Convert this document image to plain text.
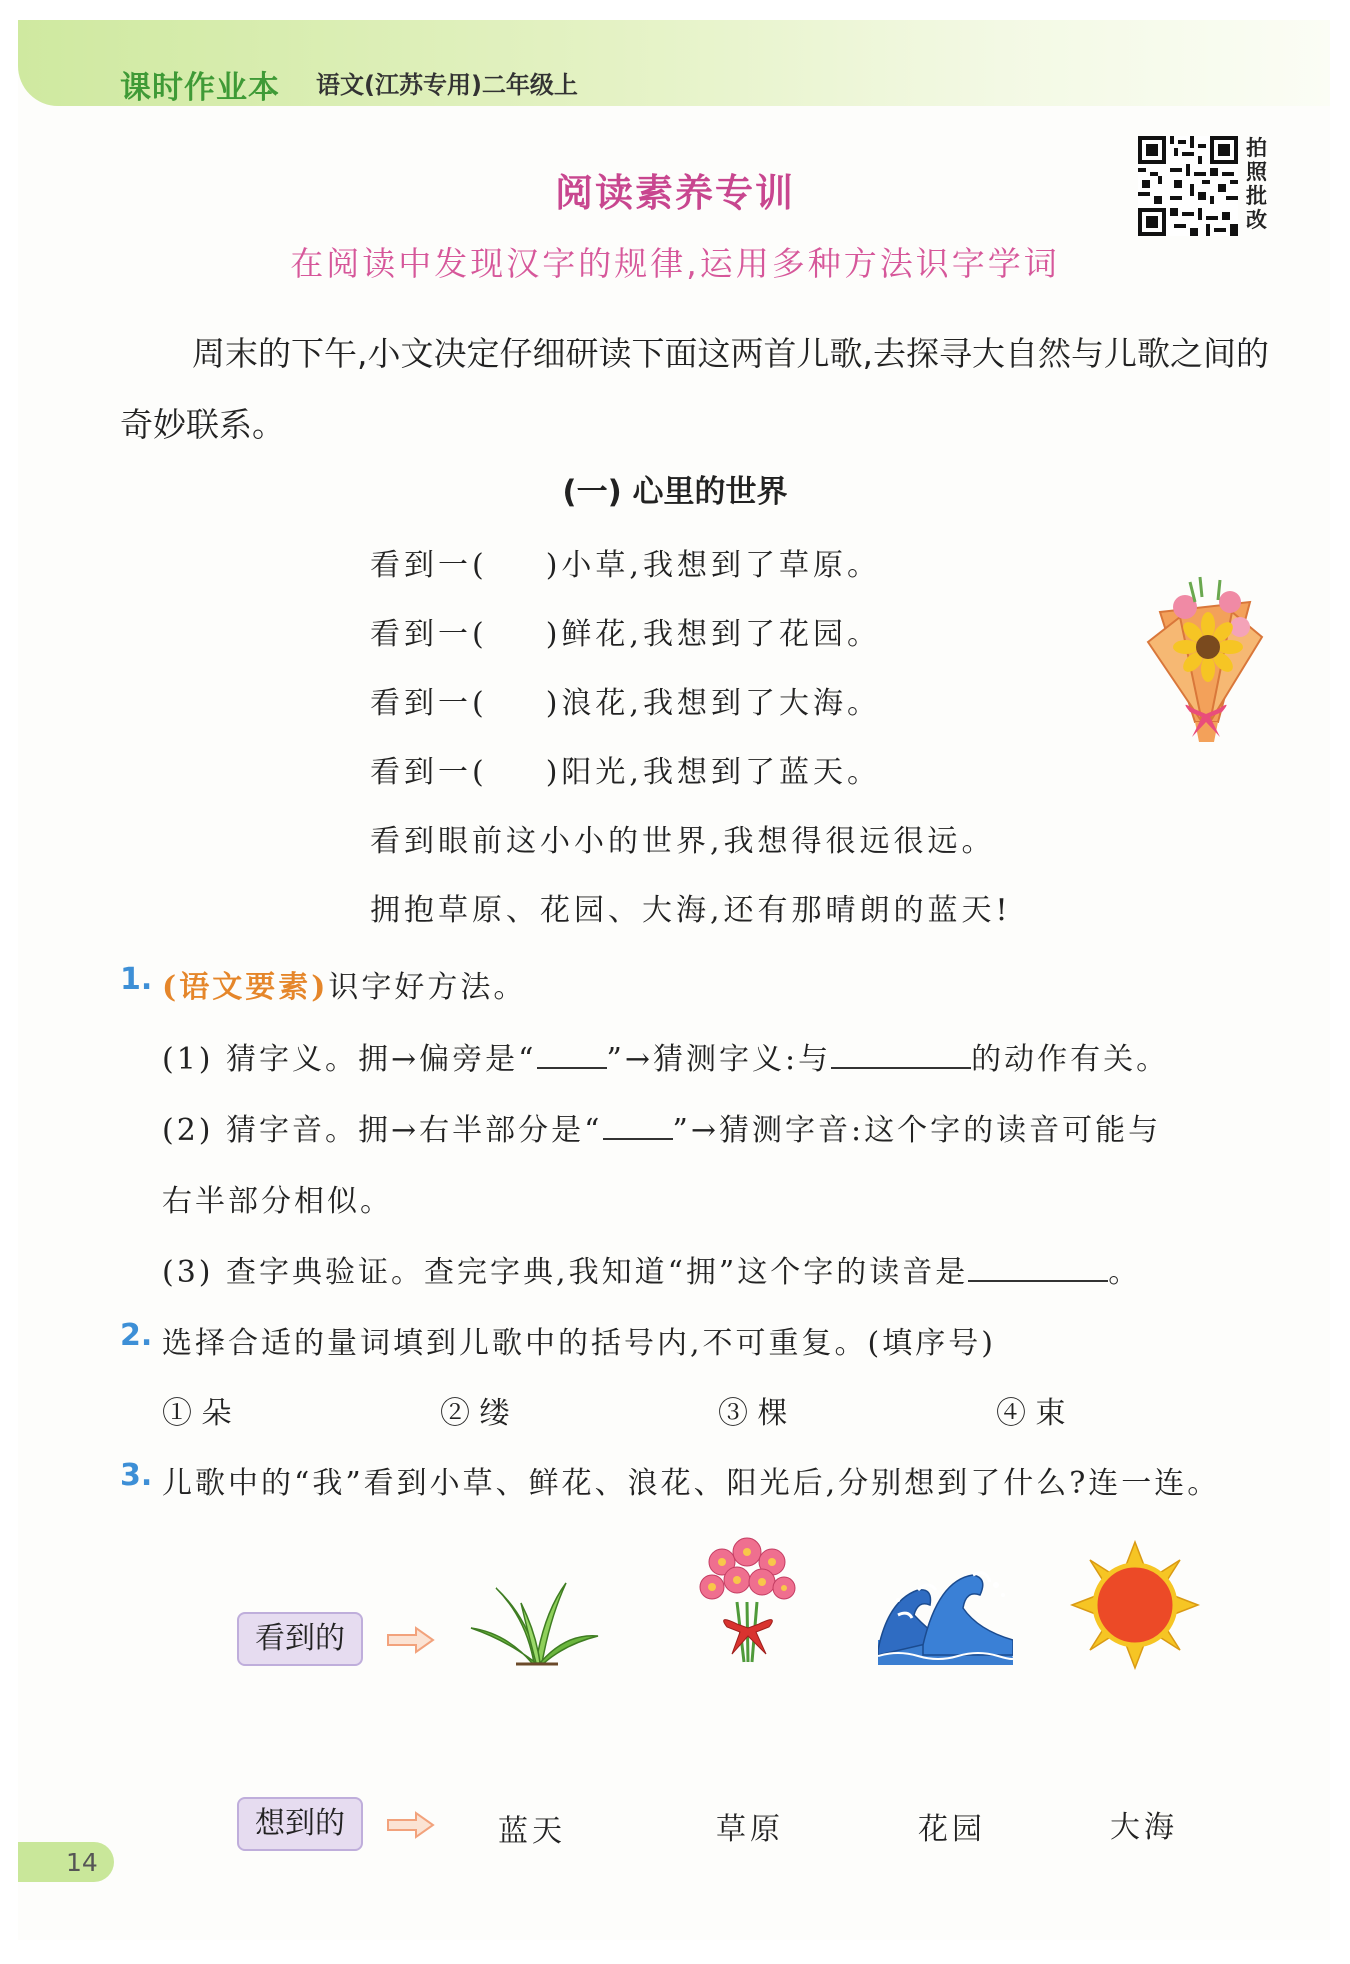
课时作业本 语文(江苏专用)二年级上
拍
照
批
改
阅读素养专训
在阅读中发现汉字的规律,运用多种方法识字学词
周末的下午,小文决定仔细研读下面这两首儿歌,去探寻大自然与儿歌之间的奇妙联系。
(一) 心里的世界
看到一( )小草,我想到了草原。
看到一( )鲜花,我想到了花园。
看到一( )浪花,我想到了大海。
看到一( )阳光,我想到了蓝天。
看到眼前这小小的世界,我想得很远很远。
拥抱草原、花园、大海,还有那晴朗的蓝天!
1. (语文要素)识字好方法。
(1) 猜字义。拥→偏旁是“ ”→猜测字义:与	的动作有关。
(2) 猜字音。拥→右半部分是“ ”→猜测字音:这个字的读音可能与
右半部分相似。
(3) 查字典验证。查完字典,我知道“拥”这个字的读音是	。
2. 选择合适的量词填到儿歌中的括号内,不可重复。(填序号)
① 朵	② 缕	③ 棵	④ 束
3. 儿歌中的“我”看到小草、鲜花、浪花、阳光后,分别想到了什么?连一连。
看到的
想到的	蓝天	草原	花园	大海
14
